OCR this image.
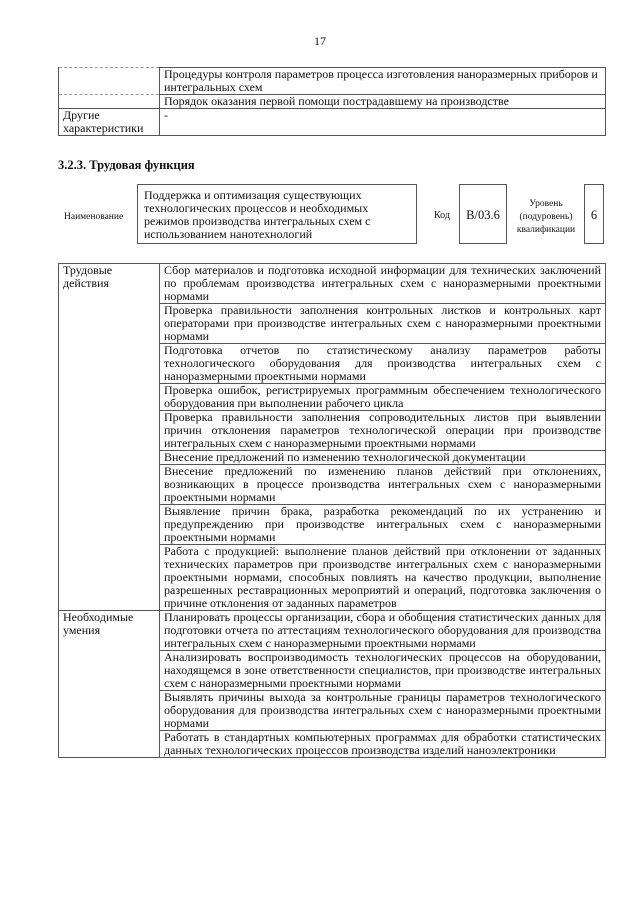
17
	Процедуры контроля параметров процесса изготовления наноразмерных приборов и интегральных схем
	Порядок оказания первой помощи пострадавшему на производстве
Другие характеристики	-
3.2.3. Трудовая функция
Наименование
Поддержка и оптимизация существующих технологических процессов и необходимых режимов производства интегральных схем с использованием нанотехнологий
Код	B/03.6
Уровень (подуровень) квалификации
6
Трудовые действия	Сбор материалов и подготовка исходной информации для технических заключений по проблемам производства интегральных схем с наноразмерными проектными нормами
	Проверка правильности заполнения контрольных листков и контрольных карт операторами при производстве интегральных схем с наноразмерными проектными нормами
	Подготовка отчетов по статистическому анализу параметров работы технологического оборудования для производства интегральных схем с наноразмерными проектными нормами
	Проверка ошибок, регистрируемых программным обеспечением технологического оборудования при выполнении рабочего цикла
	Проверка правильности заполнения сопроводительных листов при выявлении причин отклонения параметров технологической операции при производстве интегральных схем с наноразмерными проектными нормами
	Внесение предложений по изменению технологической документации
	Внесение предложений по изменению планов действий при отклонениях, возникающих в процессе производства интегральных схем с наноразмерными проектными нормами
	Выявление причин брака, разработка рекомендаций по их устранению и предупреждению при производстве интегральных схем с наноразмерными проектными нормами
	Работа с продукцией: выполнение планов действий при отклонении от заданных технических параметров при производстве интегральных схем с наноразмерными проектными нормами, способных повлиять на качество продукции, выполнение разрешенных реставрационных мероприятий и операций, подготовка заключения о причине отклонения от заданных параметров
Необходимые умения	Планировать процессы организации, сбора и обобщения статистических данных для подготовки отчета по аттестациям технологического оборудования для производства интегральных схем с наноразмерными проектными нормами
	Анализировать воспроизводимость технологических процессов на оборудовании, находящемся в зоне ответственности специалистов, при производстве интегральных схем с наноразмерными проектными нормами
	Выявлять причины выхода за контрольные границы параметров технологического оборудования для производства интегральных схем с наноразмерными проектными нормами
	Работать в стандартных компьютерных программах для обработки статистических данных технологических процессов производства изделий наноэлектроники
